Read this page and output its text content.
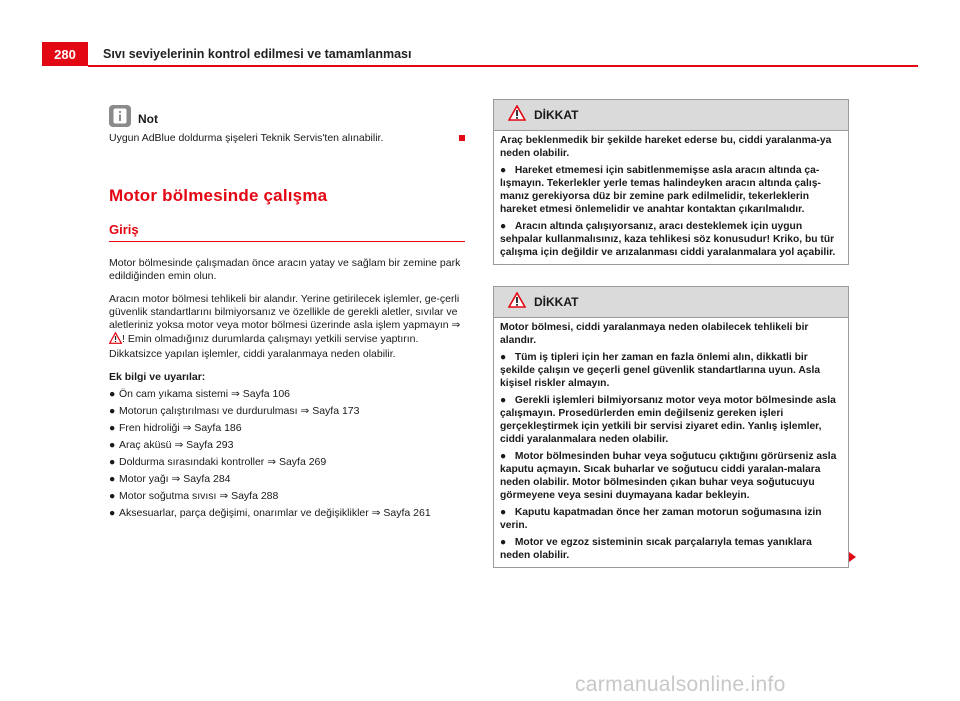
280	Sıvı seviyelerinin kontrol edilmesi ve tamamlanması
Not
Uygun AdBlue doldurma şişeleri Teknik Servis'ten alınabilir.
Motor bölmesinde çalışma
Giriş
Motor bölmesinde çalışmadan önce aracın yatay ve sağlam bir zemine park edildiğinden emin olun.
Aracın motor bölmesi tehlikeli bir alandır. Yerine getirilecek işlemler, ge-çerli güvenlik standartlarını bilmiyorsanız ve özellikle de gerekli aletler, sıvılar ve aletleriniz yoksa motor veya motor bölmesi üzerinde asla işlem yapmayın ⇒ ! Emin olmadığınız durumlarda çalışmayı yetkili servise yaptırın. Dikkatsizce yapılan işlemler, ciddi yaralanmaya neden olabilir.
Ek bilgi ve uyarılar:
● Ön cam yıkama sistemi ⇒ Sayfa 106
● Motorun çalıştırılması ve durdurulması ⇒ Sayfa 173
● Fren hidroliği ⇒ Sayfa 186
● Araç aküsü ⇒ Sayfa 293
● Doldurma sırasındaki kontroller ⇒ Sayfa 269
● Motor yağı ⇒ Sayfa 284
● Motor soğutma sıvısı ⇒ Sayfa 288
● Aksesuarlar, parça değişimi, onarımlar ve değişiklikler ⇒ Sayfa 261
DİKKAT
Araç beklenmedik bir şekilde hareket ederse bu, ciddi yaralanma-ya neden olabilir.
● Hareket etmemesi için sabitlenmemişse asla aracın altında ça-lışmayın. Tekerlekler yerle temas halindeyken aracın altında çalış-manız gerekiyorsa düz bir zemine park edilmelidir, tekerleklerin hareket etmesi önlemelidir ve anahtar kontaktan çıkarılmalıdır.
● Aracın altında çalışıyorsanız, aracı desteklemek için uygun sehpalar kullanmalısınız, kaza tehlikesi söz konusudur! Kriko, bu tür çalışma için değildir ve arızalanması ciddi yaralanmalara yol açabilir.
DİKKAT
Motor bölmesi, ciddi yaralanmaya neden olabilecek tehlikeli bir alandır.
● Tüm iş tipleri için her zaman en fazla önlemi alın, dikkatli bir şekilde çalışın ve geçerli genel güvenlik standartlarına uyun. Asla kişisel riskler almayın.
● Gerekli işlemleri bilmiyorsanız motor veya motor bölmesinde asla çalışmayın. Prosedürlerden emin değilseniz gereken işleri gerçekleştirmek için yetkili bir servisi ziyaret edin. Yanlış işlemler, ciddi yaralanmalara neden olabilir.
● Motor bölmesinden buhar veya soğutucu çıktığını görürseniz asla kaputu açmayın. Sıcak buharlar ve soğutucu ciddi yaralan-malara neden olabilir. Motor bölmesinden çıkan buhar veya soğutucuyu görmeyene veya sesini duymayana kadar bekleyin.
● Kaputu kapatmadan önce her zaman motorun soğumasına izin verin.
● Motor ve egzoz sisteminin sıcak parçalarıyla temas yanıklara neden olabilir.
carmanualsonline.info
